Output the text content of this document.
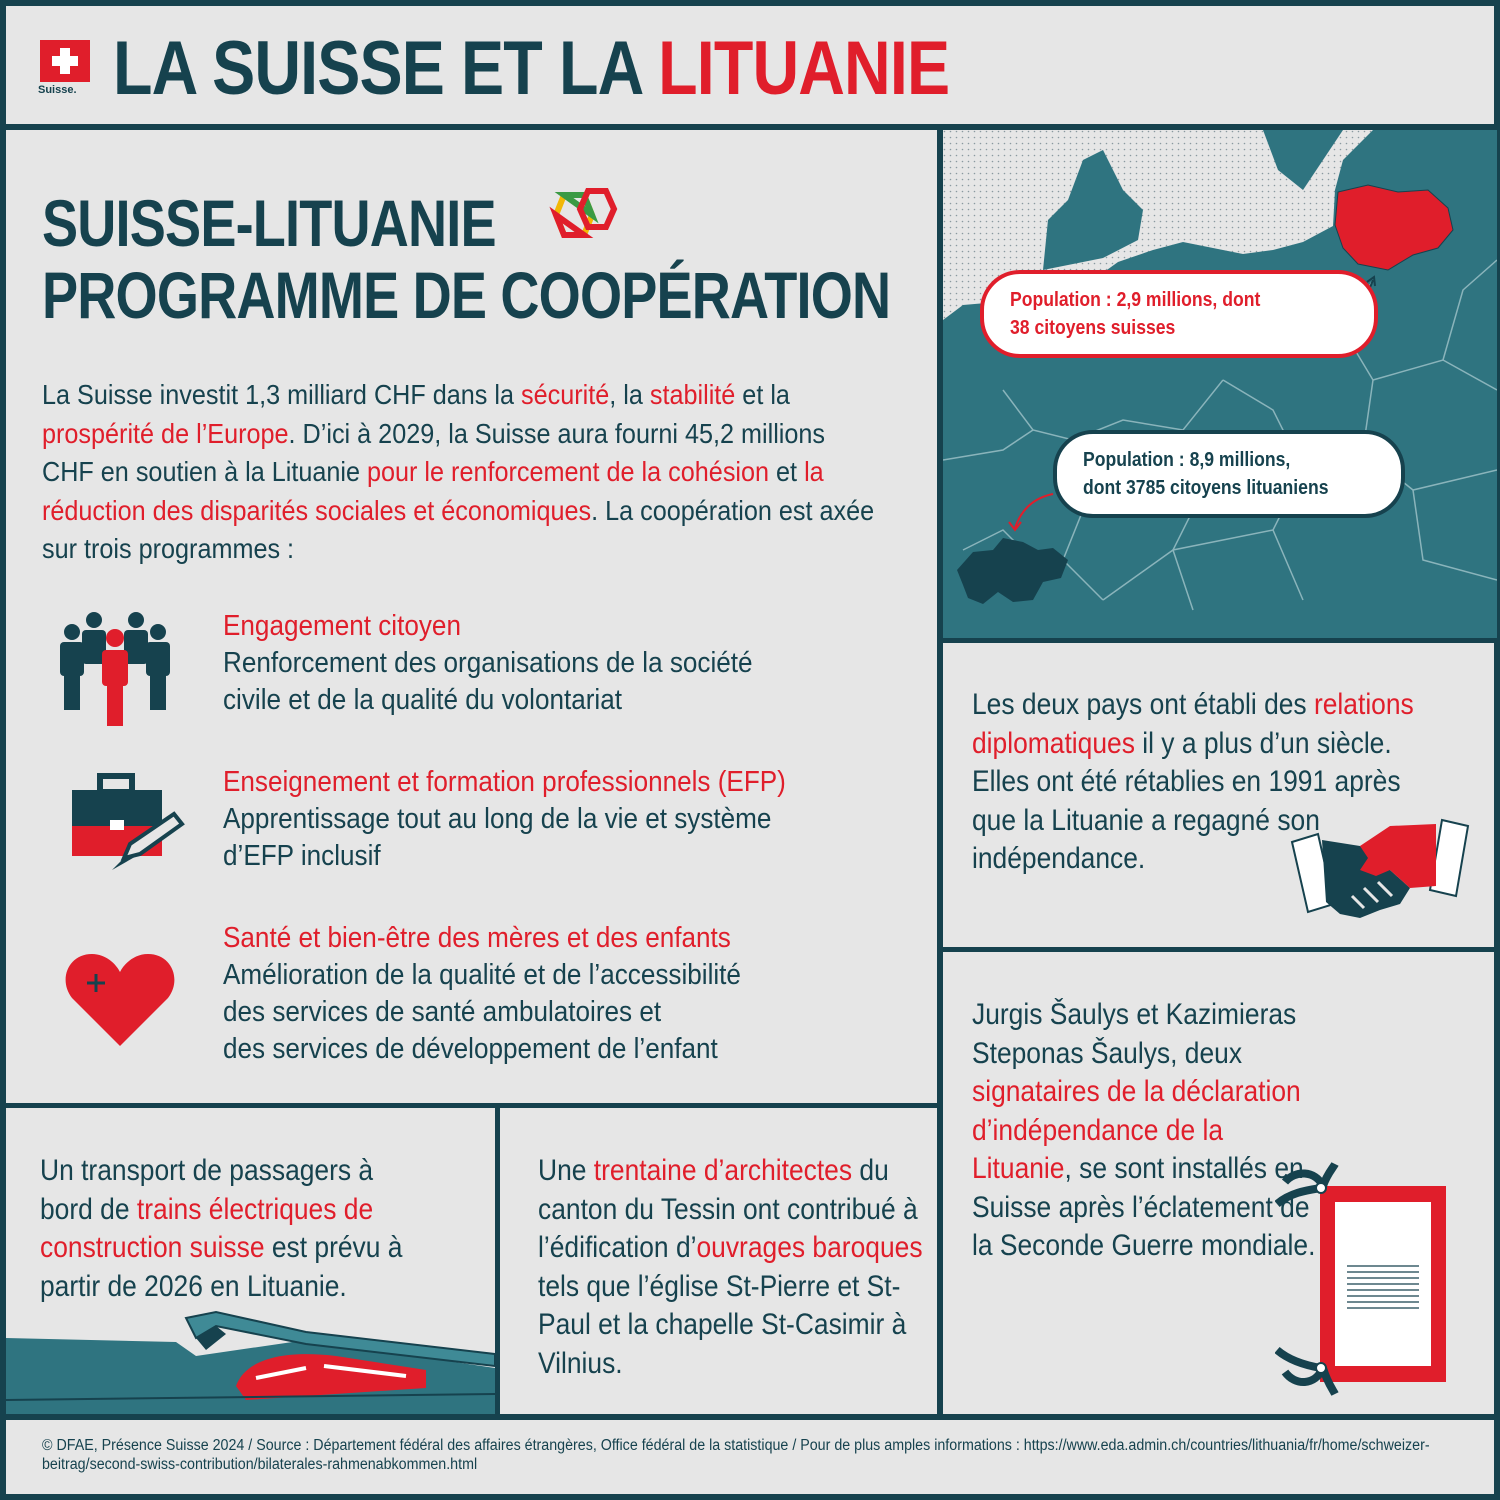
Suisse. LA SUISSE ET LA LITUANIE
SUISSE-LITUANIE
PROGRAMME DE COOPÉRATION
La Suisse investit 1,3 milliard CHF dans la sécurité, la stabilité et la prospérité de l’Europe. D’ici à 2029, la Suisse aura fourni 45,2 millions CHF en soutien à la Lituanie pour le renforcement de la cohésion et la réduction des disparités sociales et économiques. La coopération est axée sur trois programmes :
Engagement citoyen
Renforcement des organisations de la société
civile et de la qualité du volontariat
Enseignement et formation professionnels (EFP)
Apprentissage tout au long de la vie et système
d’EFP inclusif
Santé et bien-être des mères et des enfants
Amélioration de la qualité et de l’accessibilité
des services de santé ambulatoires et
des services de développement de l’enfant
Population : 2,9 millions, dont
38 citoyens suisses
Population : 8,9 millions,
dont 3785 citoyens lituaniens
Les deux pays ont établi des relations diplomatiques il y a plus d’un siècle. Elles ont été rétablies en 1991 après que la Lituanie a regagné son indépendance.
Un transport de passagers à bord de trains électriques de construction suisse est prévu à partir de 2026 en Lituanie.
Une trentaine d’architectes du canton du Tessin ont contribué à l’édification d’ouvrages baroques tels que l’église St-Pierre et St-Paul et la chapelle St-Casimir à Vilnius.
Jurgis Šaulys et Kazimieras Steponas Šaulys, deux signataires de la déclaration d’indépendance de la Lituanie, se sont installés en Suisse après l’éclatement de la Seconde Guerre mondiale.
© DFAE, Présence Suisse 2024 / Source : Département fédéral des affaires étrangères, Office fédéral de la statistique / Pour de plus amples informations : https://www.eda.admin.ch/countries/lithuania/fr/home/schweizer-beitrag/second-swiss-contribution/bilaterales-rahmenabkommen.html
